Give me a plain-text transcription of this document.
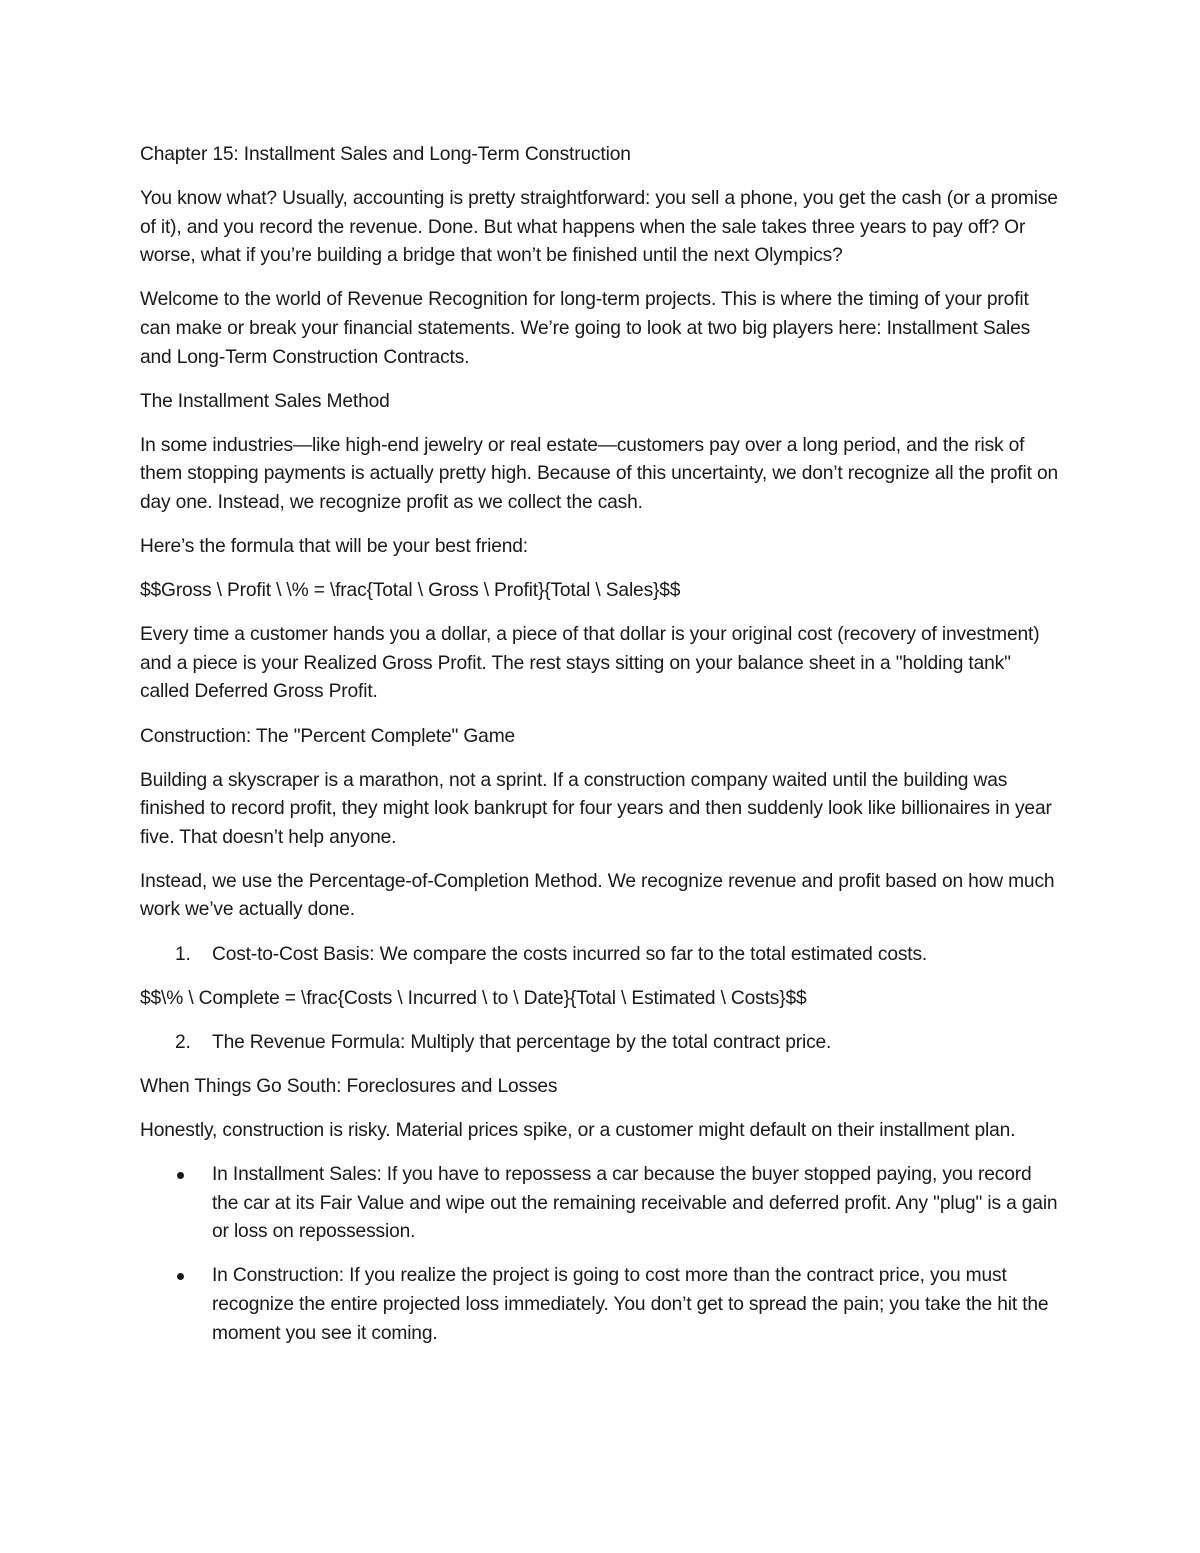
Chapter 15: Installment Sales and Long-Term Construction

You know what? Usually, accounting is pretty straightforward: you sell a phone, you get the cash (or a promise of it), and you record the revenue. Done. But what happens when the sale takes three years to pay off? Or worse, what if you’re building a bridge that won’t be finished until the next Olympics?

Welcome to the world of Revenue Recognition for long-term projects. This is where the timing of your profit can make or break your financial statements. We’re going to look at two big players here: Installment Sales and Long-Term Construction Contracts.

The Installment Sales Method

In some industries—like high-end jewelry or real estate—customers pay over a long period, and the risk of them stopping payments is actually pretty high. Because of this uncertainty, we don’t recognize all the profit on day one. Instead, we recognize profit as we collect the cash.

Here’s the formula that will be your best friend:

$$Gross \ Profit \ \% = \frac{Total \ Gross \ Profit}{Total \ Sales}$$

Every time a customer hands you a dollar, a piece of that dollar is your original cost (recovery of investment) and a piece is your Realized Gross Profit. The rest stays sitting on your balance sheet in a "holding tank" called Deferred Gross Profit.

Construction: The "Percent Complete" Game

Building a skyscraper is a marathon, not a sprint. If a construction company waited until the building was finished to record profit, they might look bankrupt for four years and then suddenly look like billionaires in year five. That doesn’t help anyone.

Instead, we use the Percentage-of-Completion Method. We recognize revenue and profit based on how much work we’ve actually done.

1. Cost-to-Cost Basis: We compare the costs incurred so far to the total estimated costs.

$$\% \ Complete = \frac{Costs \ Incurred \ to \ Date}{Total \ Estimated \ Costs}$$

2. The Revenue Formula: Multiply that percentage by the total contract price.

When Things Go South: Foreclosures and Losses

Honestly, construction is risky. Material prices spike, or a customer might default on their installment plan.

In Installment Sales: If you have to repossess a car because the buyer stopped paying, you record the car at its Fair Value and wipe out the remaining receivable and deferred profit. Any "plug" is a gain or loss on repossession.
In Construction: If you realize the project is going to cost more than the contract price, you must recognize the entire projected loss immediately. You don’t get to spread the pain; you take the hit the moment you see it coming.
